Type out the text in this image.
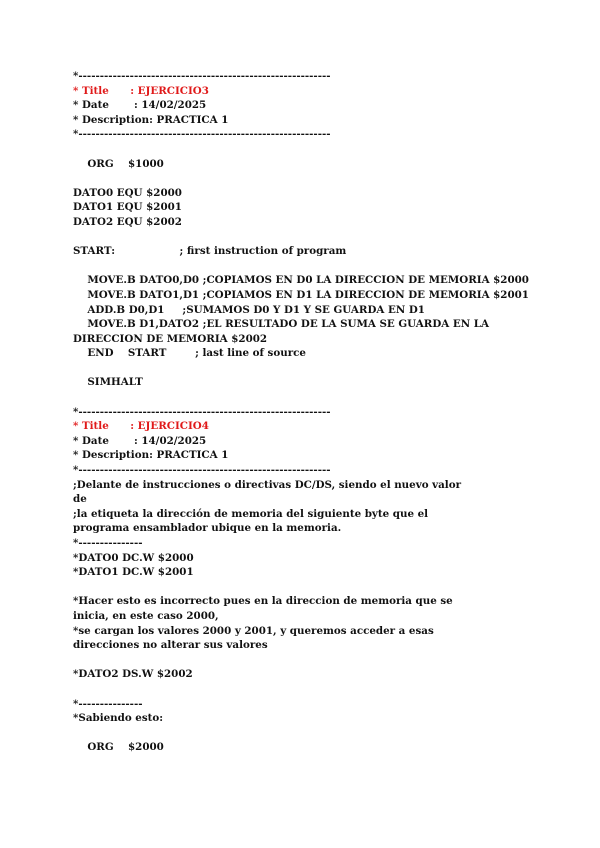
*-----------------------------------------------------------
* Title      : EJERCICIO3
* Date       : 14/02/2025
* Description: PRACTICA 1
*-----------------------------------------------------------
ORG    $1000
DATO0 EQU $2000
DATO1 EQU $2001
DATO2 EQU $2002
START:                  ; first instruction of program
MOVE.B DATO0,D0 ;COPIAMOS EN D0 LA DIRECCION DE MEMORIA $2000
MOVE.B DATO1,D1 ;COPIAMOS EN D1 LA DIRECCION DE MEMORIA $2001
ADD.B D0,D1     ;SUMAMOS D0 Y D1 Y SE GUARDA EN D1
MOVE.B D1,DATO2 ;EL RESULTADO DE LA SUMA SE GUARDA EN LA
DIRECCION DE MEMORIA $2002
END    START        ; last line of source
SIMHALT
*-----------------------------------------------------------
* Title      : EJERCICIO4
* Date       : 14/02/2025
* Description: PRACTICA 1
*-----------------------------------------------------------
;Delante de instrucciones o directivas DC/DS, siendo el nuevo valor
de
;la etiqueta la dirección de memoria del siguiente byte que el
programa ensamblador ubique en la memoria.
*---------------
*DATO0 DC.W $2000
*DATO1 DC.W $2001
*Hacer esto es incorrecto pues en la direccion de memoria que se
inicia, en este caso 2000,
*se cargan los valores 2000 y 2001, y queremos acceder a esas
direcciones no alterar sus valores
*DATO2 DS.W $2002
*---------------
*Sabiendo esto:
ORG    $2000
